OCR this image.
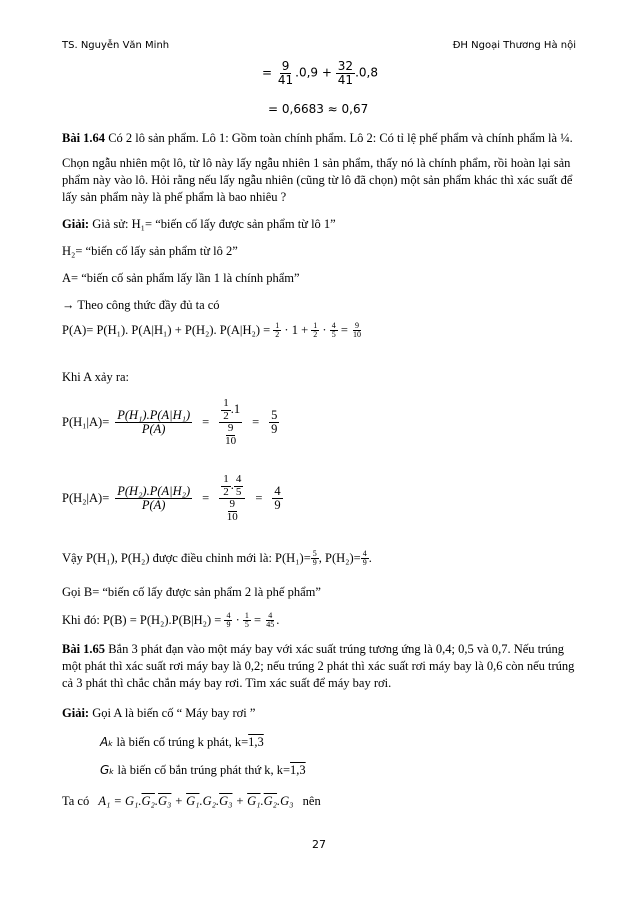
TS. Nguyễn Văn Minh	ĐH Ngoại Thương Hà nội
= $\frac{9}{41} .0,9 + \frac{32}{41} .0,8$
= 0,6683 ≈ 0,67
Bài 1.64 Có 2 lô sản phẩm. Lô 1: Gồm toàn chính phẩm. Lô 2: Có tỉ lệ phế phẩm và chính phẩm là ¼.
Chọn ngẫu nhiên một lô, từ lô này lấy ngẫu nhiên 1 sản phẩm, thấy nó là chính phẩm, rồi hoàn lại sản phẩm này vào lô. Hỏi rằng nếu lấy ngẫu nhiên (cũng từ lô đã chọn) một sản phẩm khác thì xác suất để lấy sản phẩm này là phế phẩm là bao nhiêu ?
Giải: Giả sử: H₁= “biến cố lấy được sản phẩm từ lô 1”
H₂= “biến cố lấy sản phẩm từ lô 2”
A= “biến cố sản phẩm lấy lần 1 là chính phẩm”
→ Theo công thức đầy đủ ta có
P(A)= P(H₁). P(A|H₁) + P(H₂). $P(A|H_2) = \frac{1}{2} \cdot 1 + \frac{1}{2} \cdot \frac{4}{5} = \frac{9}{10}$
Khi A xảy ra:
$P(H_1|A)= \frac{\text{P(H₁).P(A|H₁)}}{P(A)} = \frac{\frac{1}{2} .1}{\frac{9}{10}} = \frac{5}{9}$
$P(H_2|A)= \frac{\text{P(H₂).P(A|H₂)}}{P(A)} = \frac{\frac{1}{2} . \frac{4}{5}}{\frac{9}{10}} = \frac{4}{9}$
Vậy P(H₁), P(H₂) được điều chỉnh mới là: $P(H_1)= \frac{5}{9}$ , $P(H_2)= \frac{4}{9}$ .
Gọi B= “biến cố lấy được sản phẩm 2 là phế phẩm”
Khi đó: $P(B) = P(H_2).P(B|H_2) = \frac{4}{9} \cdot \frac{1}{5} = \frac{4}{45}$ .
Bài 1.65 Bắn 3 phát đạn vào một máy bay với xác suất trúng tương ứng là 0,4; 0,5 và 0,7. Nếu trúng một phát thì xác suất rơi máy bay là 0,2; nếu trúng 2 phát thì xác suất rơi máy bay là 0,6 còn nếu trúng cả 3 phát thì chắc chắn máy bay rơi. Tìm xác suất để máy bay rơi.
Giải: Gọi A là biến cố “ Máy bay rơi ”
Aₖ là biến cố trúng k phát, k=1,3
Gₖ là biến cố bắn trúng phát thứ k, k=1,3
Ta có A₁ = G₁.G₂.G₃ + G₁.G₂.G₃ + G₁.G₂.G₃ nên
27
